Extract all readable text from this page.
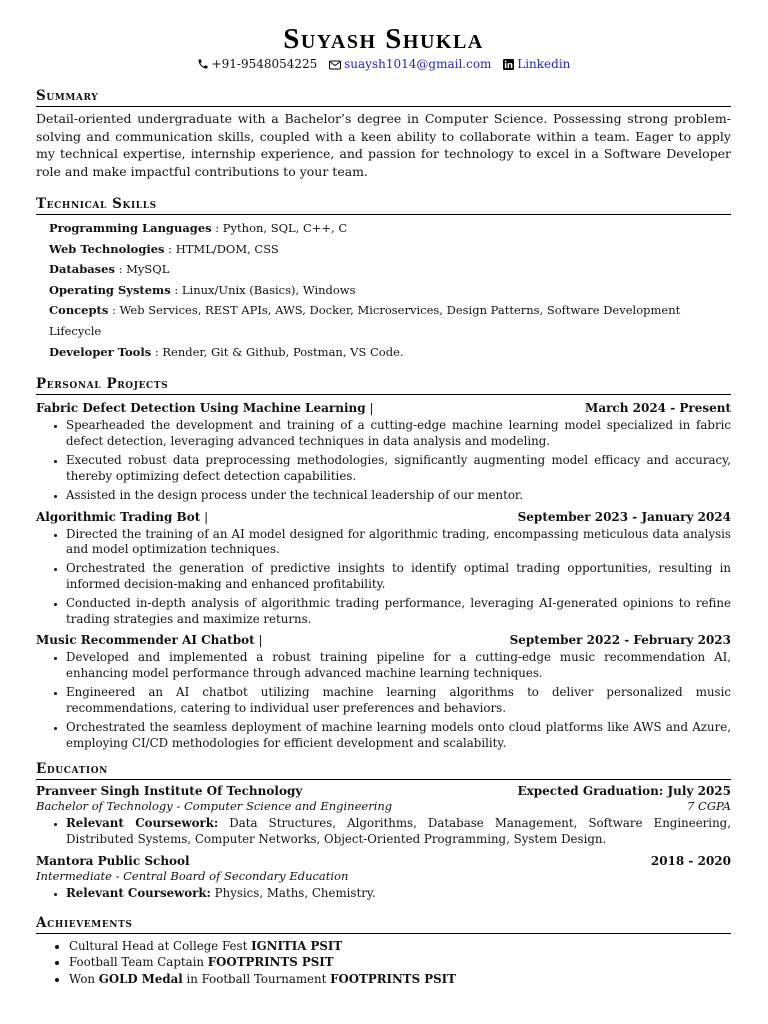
Suyash Shukla
+91-9548054225 suaysh1014@gmail.com Linkedin
Summary
Detail-oriented undergraduate with a Bachelor’s degree in Computer Science. Possessing strong problem-solving and communication skills, coupled with a keen ability to collaborate within a team. Eager to apply my technical expertise, internship experience, and passion for technology to excel in a Software Developer role and make impactful contributions to your team.
Technical Skills
Programming Languages : Python, SQL, C++, C
Web Technologies : HTML/DOM, CSS
Databases : MySQL
Operating Systems : Linux/Unix (Basics), Windows
Concepts : Web Services, REST APIs, AWS, Docker, Microservices, Design Patterns, Software Development Lifecycle
Developer Tools : Render, Git & Github, Postman, VS Code.
Personal Projects
Fabric Defect Detection Using Machine Learning |	March 2024 - Present
• Spearheaded the development and training of a cutting-edge machine learning model specialized in fabric defect detection, leveraging advanced techniques in data analysis and modeling.
• Executed robust data preprocessing methodologies, significantly augmenting model efficacy and accuracy, thereby optimizing defect detection capabilities.
• Assisted in the design process under the technical leadership of our mentor.
Algorithmic Trading Bot |	September 2023 - January 2024
• Directed the training of an AI model designed for algorithmic trading, encompassing meticulous data analysis and model optimization techniques.
• Orchestrated the generation of predictive insights to identify optimal trading opportunities, resulting in informed decision-making and enhanced profitability.
• Conducted in-depth analysis of algorithmic trading performance, leveraging AI-generated opinions to refine trading strategies and maximize returns.
Music Recommender AI Chatbot |	September 2022 - February 2023
• Developed and implemented a robust training pipeline for a cutting-edge music recommendation AI, enhancing model performance through advanced machine learning techniques.
• Engineered an AI chatbot utilizing machine learning algorithms to deliver personalized music recommendations, catering to individual user preferences and behaviors.
• Orchestrated the seamless deployment of machine learning models onto cloud platforms like AWS and Azure, employing CI/CD methodologies for efficient development and scalability.
Education
Pranveer Singh Institute Of Technology	Expected Graduation: July 2025
Bachelor of Technology - Computer Science and Engineering	7 CGPA
• Relevant Coursework: Data Structures, Algorithms, Database Management, Software Engineering, Distributed Systems, Computer Networks, Object-Oriented Programming, System Design.
Mantora Public School	2018 - 2020
Intermediate - Central Board of Secondary Education
• Relevant Coursework: Physics, Maths, Chemistry.
Achievements
• Cultural Head at College Fest IGNITIA PSIT
• Football Team Captain FOOTPRINTS PSIT
• Won GOLD Medal in Football Tournament FOOTPRINTS PSIT
